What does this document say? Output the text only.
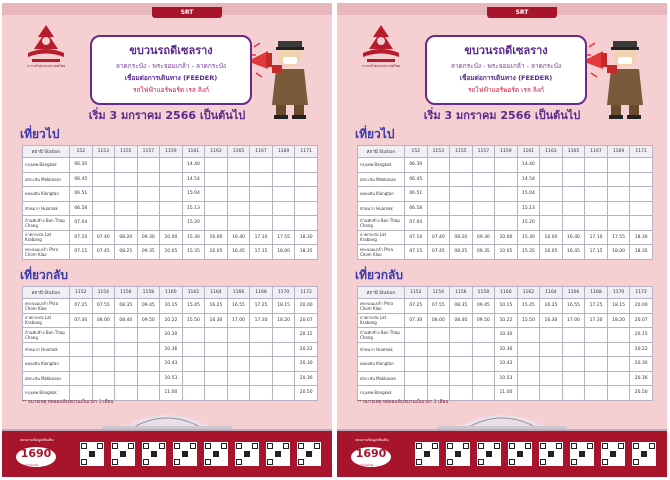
SRT
การรถไฟแห่งประเทศไทย
ขบวนรถดีเซลราง
ลาดกระบัง - พระจอมเกล้า - ลาดกระบัง
เชื่อมต่อการเดินทาง (FEEDER)
รถไฟฟ้าแอร์พอร์ต เรล ลิงก์
เริ่ม 3 มกราคม 2566 เป็นต้นไป
เที่ยวไป
สถานี Station	152	1153	1155	1157	1159	1161	1163	1165	1167	1169	1171
กรุงเทพ Bangkok	06.30					14.40					
มักกะสัน Makkasan	06.45					14.54					
คลองตัน Klongtan	06.51					15.04					
หัวหมาก Huamak	06.58					15.13					
บ้านทับช้าง Ban Thap Chang	07.04					15.20					
ลาดกระบัง Lat Krabang	07.10	07.40	08.20	09.30	10.00	15.30	16.00	16.40	17.10	17.55	18.30
พระจอมเกล้า Phra Chom Klao	07.15	07.45	08.25	09.35	10.05	15.35	16.05	16.45	17.15	18.00	18.35
เที่ยวกลับ
สถานี Station	1152	1154	1156	1158	1160	1162	1164	1166	1168	1170	1172
พระจอมเกล้า Phra Chom Klao	07.25	07.55	08.35	09.45	10.15	15.45	16.25	16.55	17.25	18.15	20.00
ลาดกระบัง Lat Krabang	07.30	08.00	08.40	09.50	10.22	15.50	16.30	17.00	17.30	18.20	20.07
บ้านทับช้าง Ban Thap Chang					10.30						20.15
หัวหมาก Huamak					10.36						20.22
คลองตัน Klongtan					10.43						20.30
มักกะสัน Makkasan					10.53						20.36
กรุงเทพ Bangkok					11.00						20.50
** หมายเหตุ ทดลองเดินขบวนเป็นเวลา 3 เดือน
สอบถามข้อมูลเพิ่มเติม
1690
Call Center
SRT
การรถไฟแห่งประเทศไทย
ขบวนรถดีเซลราง
ลาดกระบัง - พระจอมเกล้า - ลาดกระบัง
เชื่อมต่อการเดินทาง (FEEDER)
รถไฟฟ้าแอร์พอร์ต เรล ลิงก์
เริ่ม 3 มกราคม 2566 เป็นต้นไป
เที่ยวไป
สถานี Station	152	1153	1155	1157	1159	1161	1163	1165	1167	1169	1171
กรุงเทพ Bangkok	06.30					14.40					
มักกะสัน Makkasan	06.45					14.54					
คลองตัน Klongtan	06.51					15.04					
หัวหมาก Huamak	06.58					15.13					
บ้านทับช้าง Ban Thap Chang	07.04					15.20					
ลาดกระบัง Lat Krabang	07.10	07.40	08.20	09.30	10.00	15.30	16.00	16.40	17.10	17.55	18.30
พระจอมเกล้า Phra Chom Klao	07.15	07.45	08.25	09.35	10.05	15.35	16.05	16.45	17.15	18.00	18.35
เที่ยวกลับ
สถานี Station	1152	1154	1156	1158	1160	1162	1164	1166	1168	1170	1172
พระจอมเกล้า Phra Chom Klao	07.25	07.55	08.35	09.45	10.15	15.45	16.25	16.55	17.25	18.15	20.00
ลาดกระบัง Lat Krabang	07.30	08.00	08.40	09.50	10.22	15.50	16.30	17.00	17.30	18.20	20.07
บ้านทับช้าง Ban Thap Chang					10.30						20.15
หัวหมาก Huamak					10.36						20.22
คลองตัน Klongtan					10.43						20.30
มักกะสัน Makkasan					10.53						20.36
กรุงเทพ Bangkok					11.00						20.50
** หมายเหตุ ทดลองเดินขบวนเป็นเวลา 3 เดือน
สอบถามข้อมูลเพิ่มเติม
1690
Call Center
